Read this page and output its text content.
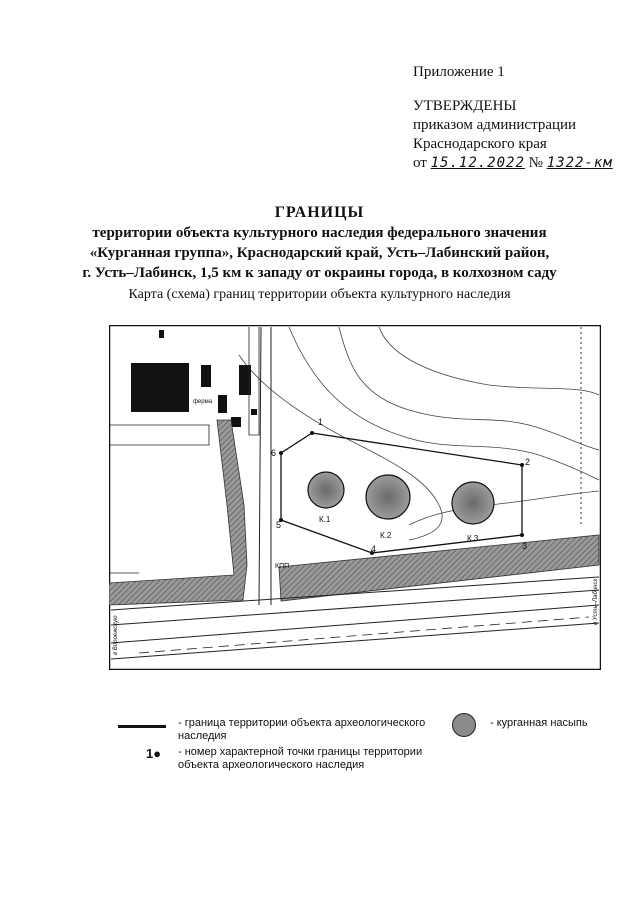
Приложение 1
УТВЕРЖДЕНЫ
приказом администрации
Краснодарского края
от 15.12.2022 № 1322-км
ГРАНИЦЫ
территории объекта культурного наследия федерального значения
«Курганная группа», Краснодарский край, Усть–Лабинский район,
г. Усть–Лабинск, 1,5 км к западу от окраины города, в колхозном саду
Карта (схема) границ территории объекта культурного наследия
ферма
1
2
3
4
5
6
К.1
К.2	К.3
КПП
в Вороежскую
в Усть–Лабинск
- граница территории объекта археологического наследия
1● - номер характерной точки границы территории объекта археологического наследия
- курганная насыпь
